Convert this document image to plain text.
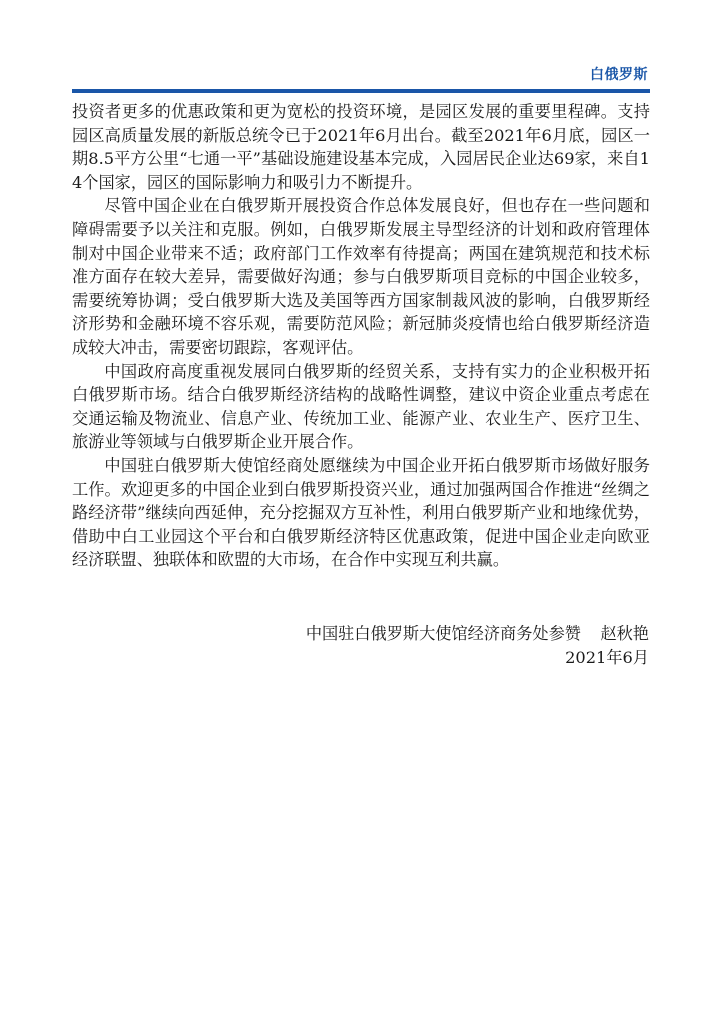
白俄罗斯

投资者更多的优惠政策和更为宽松的投资环境，是园区发展的重要里程碑。支持园区高质量发展的新版总统令已于2021年6月出台。截至2021年6月底，园区一期8.5平方公里“七通一平”基础设施建设基本完成，入园居民企业达69家，来自14个国家，园区的国际影响力和吸引力不断提升。

尽管中国企业在白俄罗斯开展投资合作总体发展良好，但也存在一些问题和障碍需要予以关注和克服。例如，白俄罗斯发展主导型经济的计划和政府管理体制对中国企业带来不适；政府部门工作效率有待提高；两国在建筑规范和技术标准方面存在较大差异，需要做好沟通；参与白俄罗斯项目竞标的中国企业较多，需要统筹协调；受白俄罗斯大选及美国等西方国家制裁风波的影响，白俄罗斯经济形势和金融环境不容乐观，需要防范风险；新冠肺炎疫情也给白俄罗斯经济造成较大冲击，需要密切跟踪，客观评估。

中国政府高度重视发展同白俄罗斯的经贸关系，支持有实力的企业积极开拓白俄罗斯市场。结合白俄罗斯经济结构的战略性调整，建议中资企业重点考虑在交通运输及物流业、信息产业、传统加工业、能源产业、农业生产、医疗卫生、旅游业等领域与白俄罗斯企业开展合作。

中国驻白俄罗斯大使馆经商处愿继续为中国企业开拓白俄罗斯市场做好服务工作。欢迎更多的中国企业到白俄罗斯投资兴业，通过加强两国合作推进“丝绸之路经济带”继续向西延伸，充分挖掘双方互补性，利用白俄罗斯产业和地缘优势，借助中白工业园这个平台和白俄罗斯经济特区优惠政策，促进中国企业走向欧亚经济联盟、独联体和欧盟的大市场，在合作中实现互利共赢。

中国驻白俄罗斯大使馆经济商务处参赞 赵秋艳
2021年6月
